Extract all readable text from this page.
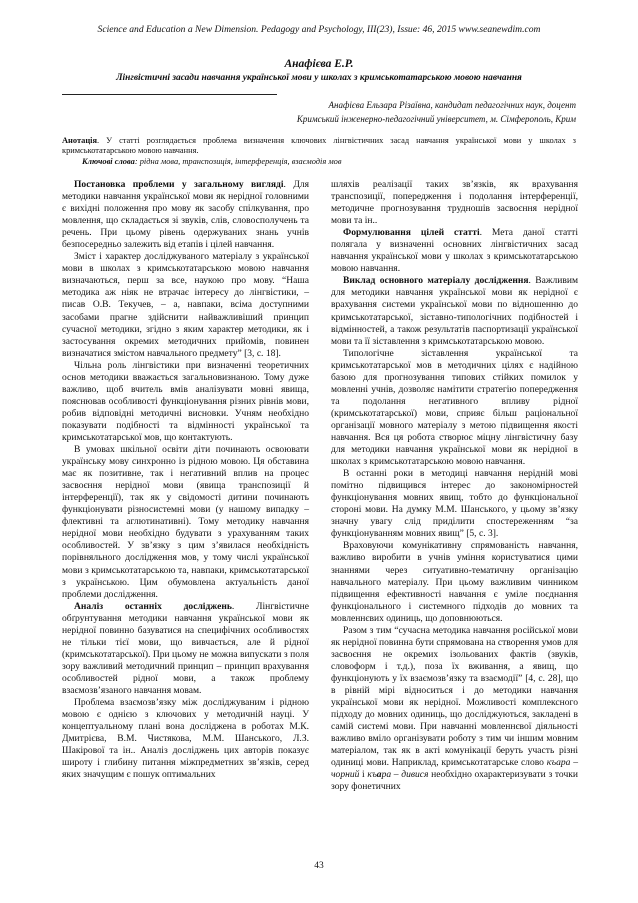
Science and Education a New Dimension. Pedagogy and Psychology, III(23), Issue: 46, 2015 www.seanewdim.com
Анафієва Е.Р.
Лінгвістичні засади навчання української мови у школах з кримськотатарською мовою навчання
Анафієва Ельзара Різаївна, кандидат педагогічних наук, доцент
Кримський інженерно-педагогічний університет, м. Сімферополь, Крим
Анотація. У статті розглядається проблема визначення ключових лінгвістичних засад навчання української мови у школах з кримськотатарською мовою навчання.
Ключові слова: рідна мова, транспозиція, інтерференція, взаємодія мов

Постановка проблеми у загальному вигляді. Для методики навчання української мови як нерідної головними є вихідні положення про мову як засобу спілкування, про мовлення, що складається зі звуків, слів, словосполучень та речень. При цьому рівень одержуваних знань учнів безпосередньо залежить від етапів і цілей навчання.

Зміст і характер досліджуваного матеріалу з української мови в школах з кримськотатарською мовою навчання визначаються, перш за все, наукою про мову. “Наша методика аж ніяк не втрачає інтересу до лінгвістики, – писав О.В. Текучев, – а, навпаки, всіма доступними засобами прагне здійснити найважливіший принцип сучасної методики, згідно з яким характер методики, як і застосування окремих методичних прийомів, повинен визначатися змістом навчального предмету” [3, с. 18].

Чільна роль лінгвістики при визначенні теоретичних основ методики вважається загальновизнаною. Тому дуже важливо, щоб вчитель вмів аналізувати мовні явища, пояснював особливості функціонування різних рівнів мови, робив відповідні методичні висновки. Учням необхідно показувати подібності та відмінності української та кримськотатарської мов, що контактують.

В умовах шкільної освіти діти починають освоювати українську мову синхронно із рідною мовою. Ця обставина має як позитивне, так і негативний вплив на процес засвоєння нерідної мови (явища транспозиції й інтерференції), так як у свідомості дитини починають функціонувати різносистемні мови (у нашому випадку – флективні та аглютинативні). Тому методику навчання нерідної мови необхідно будувати з урахуванням таких особливостей. У зв’язку з цим з’явилася необхідність порівняльного дослідження мов, у тому числі української мови з кримськотатарською та, навпаки, кримськотатарської з українською. Цим обумовлена актуальність даної проблеми дослідження.

Аналіз останніх досліджень. Лінгвістичне обґрунтування методики навчання української мови як нерідної повинно базуватися на специфічних особливостях не тільки тієї мови, що вивчається, але й рідної (кримськотатарської). При цьому не можна випускати з поля зору важливий методичний принцип – принцип врахування особливостей рідної мови, а також проблему взаємозв’язаного навчання мовам.

Проблема взаємозв’язку між досліджуваним і рідною мовою є однією з ключових у методичній науці. У концептуальному плані вона досліджена в роботах М.К. Дмитрієва, В.М. Чистякова, М.М. Шанського, Л.З. Шакірової та ін.. Аналіз досліджень цих авторів показує широту і глибину питання міжпредметних зв’язків, серед яких значущим є пошук оптимальних

шляхів реалізації таких зв’язків, як врахування транспозиції, попередження і подолання інтерференції, методичне прогнозування трудношів засвоєння нерідної мови та ін..

Формулювання цілей статті. Мета даної статті полягала у визначенні основних лінгвістичних засад навчання української мови у школах з кримськотатарською мовою навчання.

Виклад основного матеріалу дослідження. Важливим для методики навчання української мови як нерідної є врахування системи української мови по відношенню до кримськотатарської, зіставно-типологічних подібностей і відмінностей, а також результатів паспортизації української мови та її зіставлення з кримськотатарською мовою.

Типологічне зіставлення української та кримськотатарської мов в методичних цілях є надійною базою для прогнозування типових стійких помилок у мовленні учнів, дозволяє намітити стратегію попередження та подолання негативного впливу рідної (кримськотатарської) мови, сприяє більш раціональної організації мовного матеріалу з метою підвищення якості навчання. Вся ця робота створює міцну лінгвістичну базу для методики навчання української мови як нерідної в школах з кримськотатарською мовою навчання.

В останні роки в методиці навчання нерідній мові помітно підвищився інтерес до закономірностей функціонування мовних явищ, тобто до функціональної стороні мови. На думку М.М. Шанського, у цьому зв’язку значну увагу слід приділити спостереженням “за функціонуванням мовних явищ” [5, с. 3].

Враховуючи комунікативну спрямованість навчання, важливо виробити в учнів уміння користуватися цими знаннями через ситуативно-тематичну організацію навчального матеріалу. При цьому важливим чинником підвищення ефективності навчання є уміле поєднання функціонального і системного підходів до мовних та мовленнєвих одиниць, що доповнюються.

Разом з тим “сучасна методика навчання російської мови як нерідної повинна бути спрямована на створення умов для засвоєння не окремих ізольованих фактів (звуків, словоформ і т.д.), поза їх вживання, а явищ, що функціонують у їх взаємозв’язку та взаємодії” [4, с. 28], що в рівній мірі відноситься і до методики навчання української мови як нерідної. Можливості комплексного підходу до мовних одиниць, що досліджуються, закладені в самій системі мови. При навчанні мовленнєвої діяльності важливо вміло організувати роботу з тим чи іншим мовним матеріалом, так як в акті комунікації беруть участь різні одиниці мови. Наприклад, кримськотатарське слово къара – чорний і къара – дивися необхідно охарактеризувати з точки зору фонетичних

43
